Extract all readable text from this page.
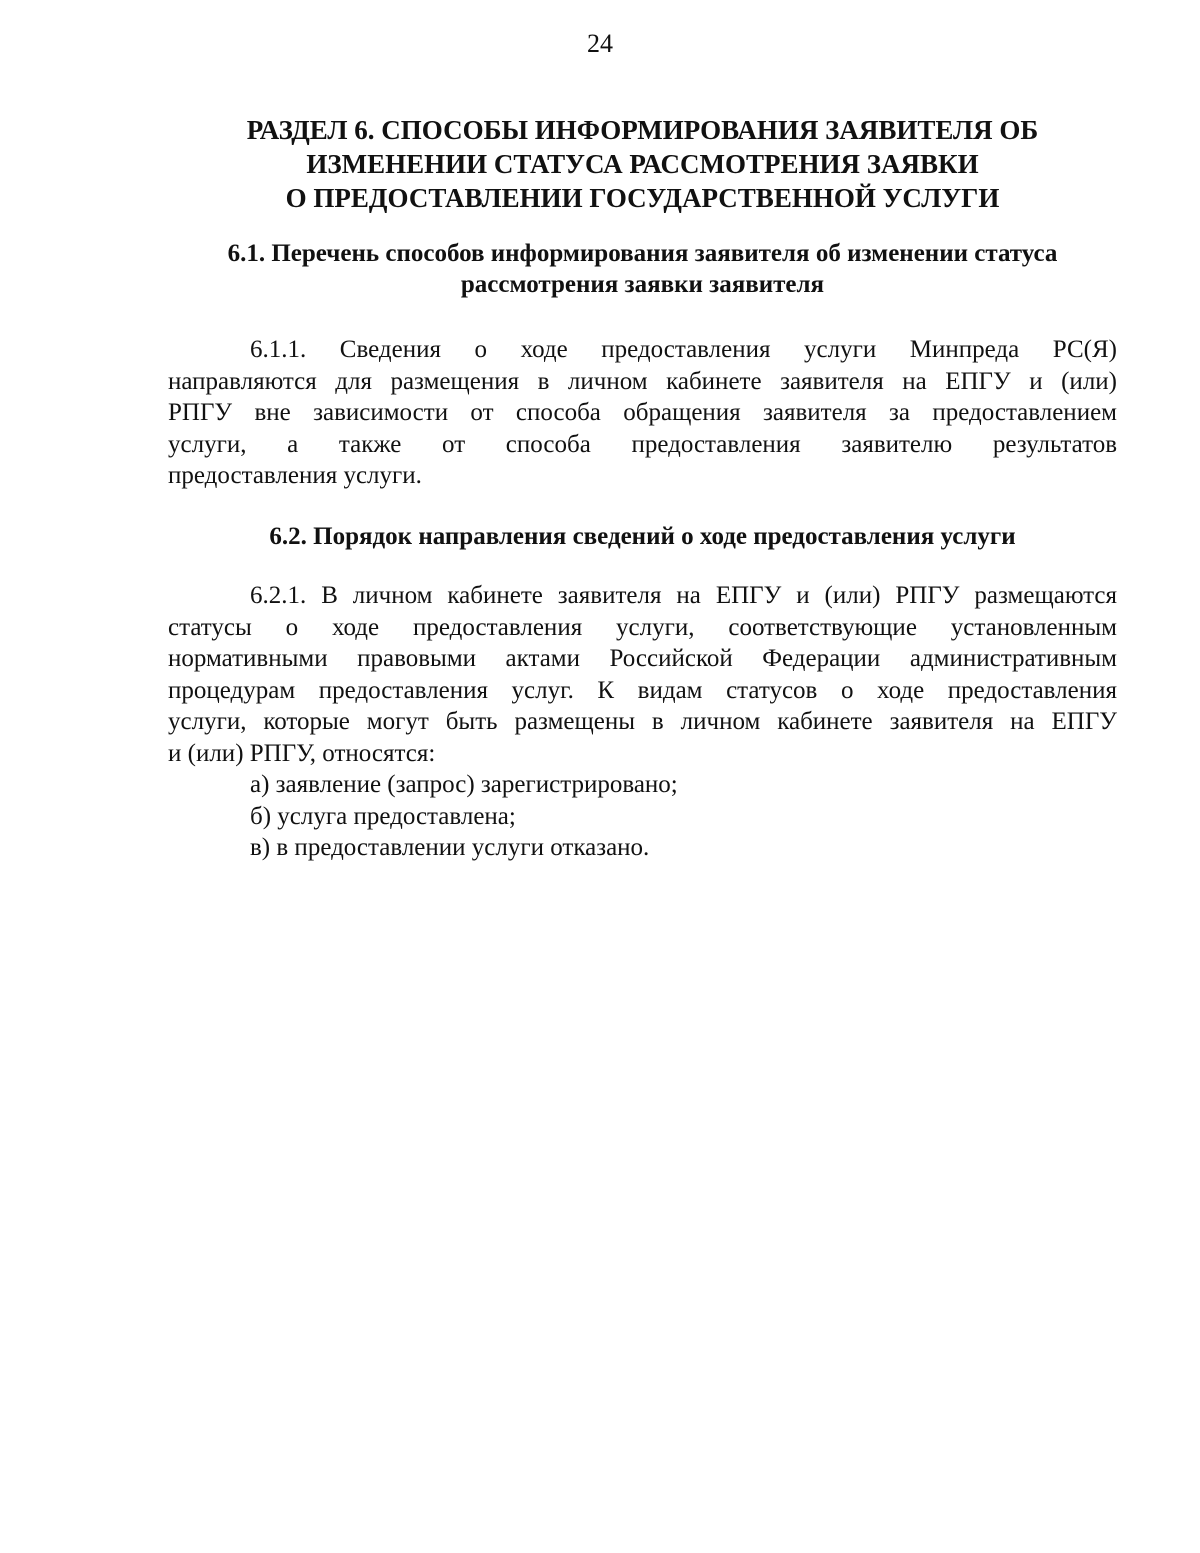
24
РАЗДЕЛ 6. СПОСОБЫ ИНФОРМИРОВАНИЯ ЗАЯВИТЕЛЯ ОБ
ИЗМЕНЕНИИ СТАТУСА РАССМОТРЕНИЯ ЗАЯВКИ
О ПРЕДОСТАВЛЕНИИ ГОСУДАРСТВЕННОЙ УСЛУГИ
6.1. Перечень способов информирования заявителя об изменении статуса
рассмотрения заявки заявителя
6.1.1. Сведения о ходе предоставления услуги Минпреда РС(Я)
направляются для размещения в личном кабинете заявителя на ЕПГУ и (или)
РПГУ вне зависимости от способа обращения заявителя за предоставлением
услуги, а также от способа предоставления заявителю результатов
предоставления услуги.
6.2. Порядок направления сведений о ходе предоставления услуги
6.2.1. В личном кабинете заявителя на ЕПГУ и (или) РПГУ размещаются
статусы о ходе предоставления услуги, соответствующие установленным
нормативными правовыми актами Российской Федерации административным
процедурам предоставления услуг. К видам статусов о ходе предоставления
услуги, которые могут быть размещены в личном кабинете заявителя на ЕПГУ
и (или) РПГУ, относятся:
а) заявление (запрос) зарегистрировано;
б) услуга предоставлена;
в) в предоставлении услуги отказано.
